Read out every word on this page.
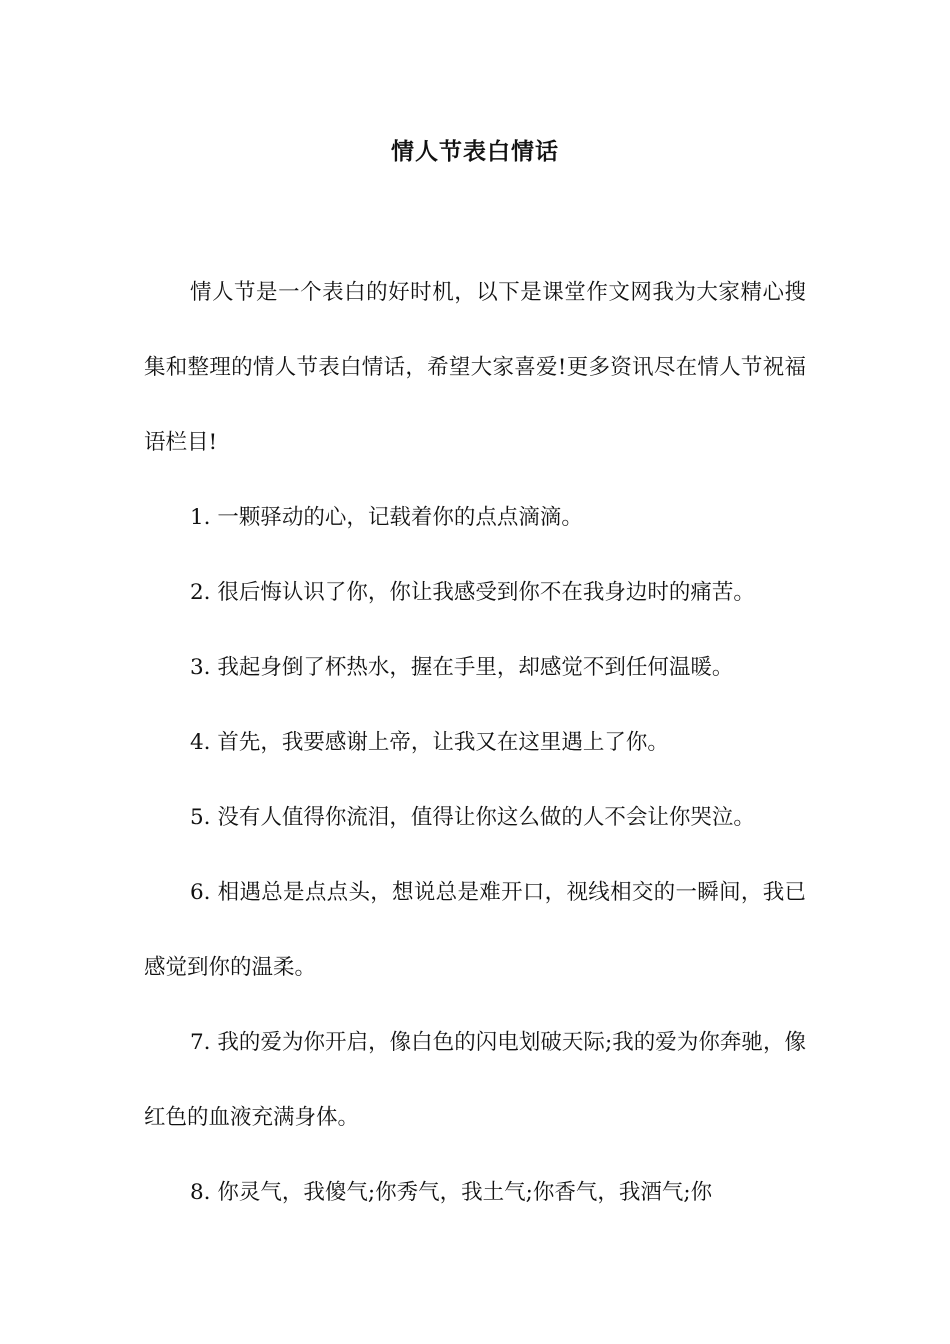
情人节表白情话

情人节是一个表白的好时机，以下是课堂作文网我为大家精心搜集和整理的情人节表白情话，希望大家喜爱!更多资讯尽在情人节祝福语栏目!

1. 一颗驿动的心，记载着你的点点滴滴。

2. 很后悔认识了你，你让我感受到你不在我身边时的痛苦。

3. 我起身倒了杯热水，握在手里，却感觉不到任何温暖。

4. 首先，我要感谢上帝，让我又在这里遇上了你。

5. 没有人值得你流泪，值得让你这么做的人不会让你哭泣。

6. 相遇总是点点头，想说总是难开口，视线相交的一瞬间，我已感觉到你的温柔。

7. 我的爱为你开启，像白色的闪电划破天际;我的爱为你奔驰，像红色的血液充满身体。

8. 你灵气，我傻气;你秀气，我土气;你香气，我酒气;你
